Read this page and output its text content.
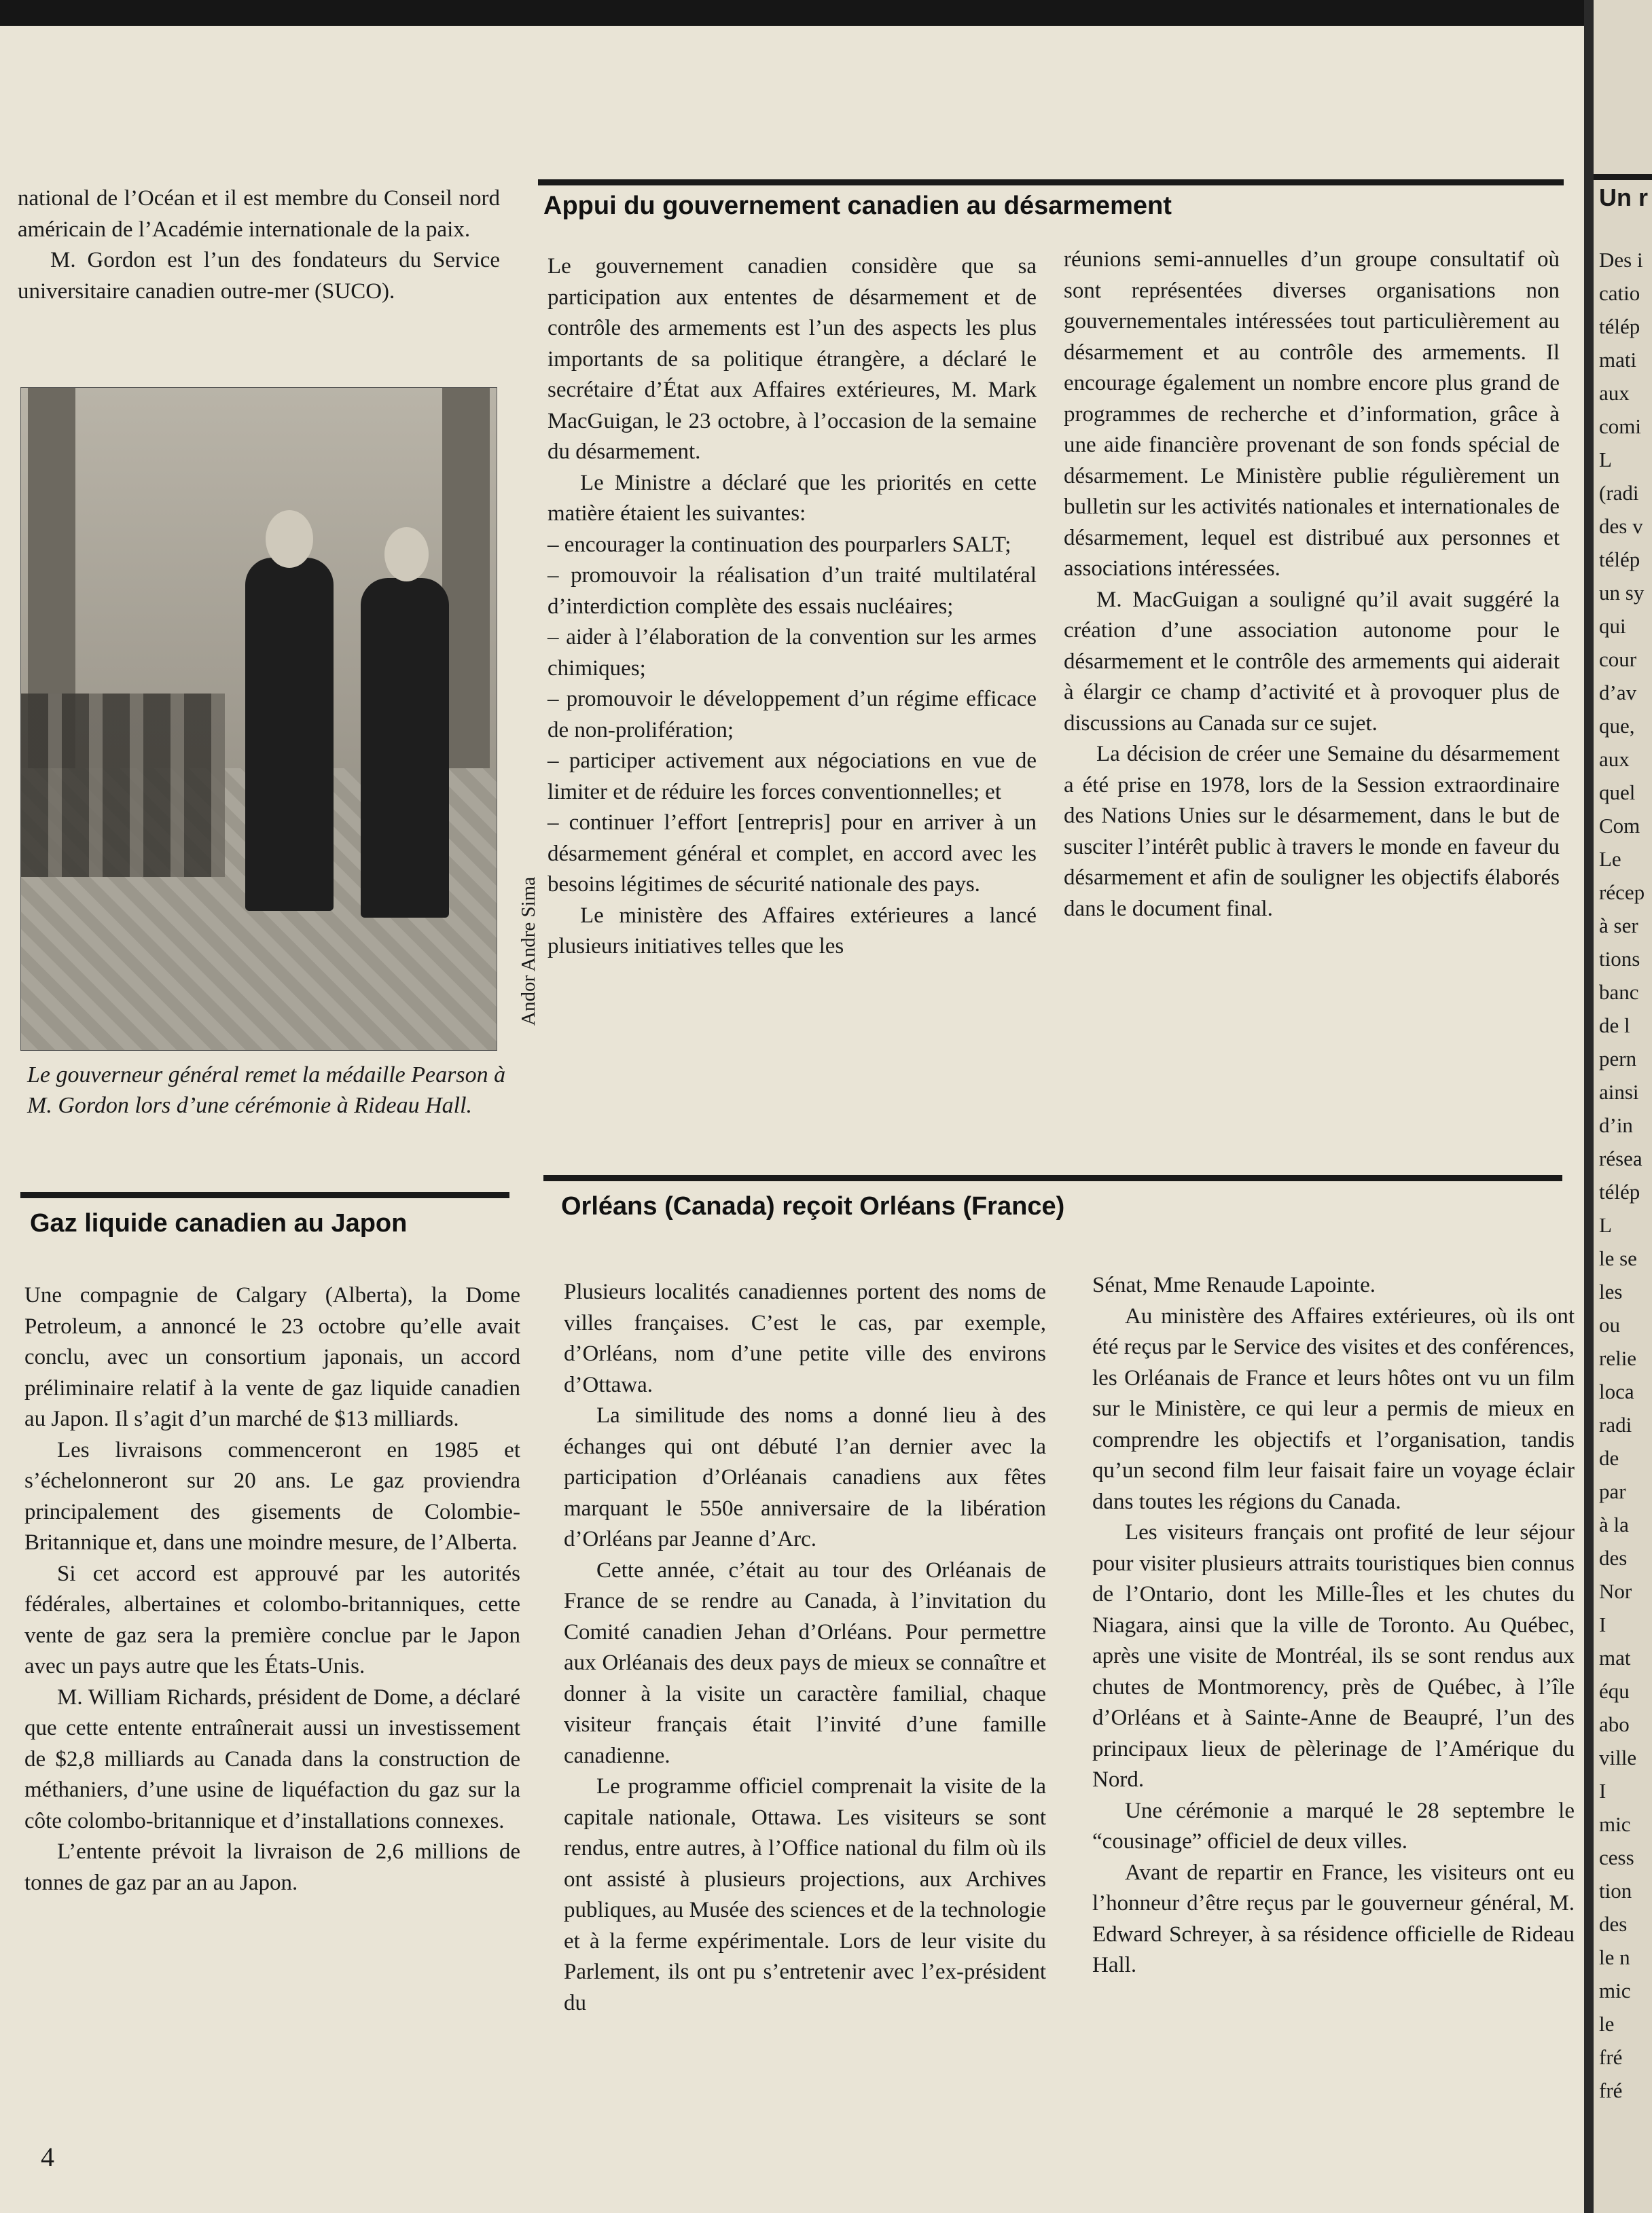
national de l’Océan et il est membre du Conseil nord américain de l’Académie internationale de la paix.

M. Gordon est l’un des fondateurs du Service universitaire canadien outre-mer (SUCO).

Andor Andre Sima
Le gouverneur général remet la médaille Pearson à M. Gordon lors d’une cérémonie à Rideau Hall.
Appui du gouvernement canadien au désarmement

Le gouvernement canadien considère que sa participation aux ententes de désarmement et de contrôle des armements est l’un des aspects les plus importants de sa politique étrangère, a déclaré le secrétaire d’État aux Affaires extérieures, M. Mark MacGuigan, le 23 octobre, à l’occasion de la semaine du désarmement.

Le Ministre a déclaré que les priorités en cette matière étaient les suivantes:

– encourager la continuation des pourparlers SALT;

– promouvoir la réalisation d’un traité multilatéral d’interdiction complète des essais nucléaires;

– aider à l’élaboration de la convention sur les armes chimiques;

– promouvoir le développement d’un régime efficace de non-prolifération;

– participer activement aux négociations en vue de limiter et de réduire les forces conventionnelles; et

– continuer l’effort [entrepris] pour en arriver à un désarmement général et complet, en accord avec les besoins légitimes de sécurité nationale des pays.

Le ministère des Affaires extérieures a lancé plusieurs initiatives telles que les

réunions semi-annuelles d’un groupe consultatif où sont représentées diverses organisations non gouvernementales intéressées tout particulièrement au désarmement et au contrôle des armements. Il encourage également un nombre encore plus grand de programmes de recherche et d’information, grâce à une aide financière provenant de son fonds spécial de désarmement. Le Ministère publie régulièrement un bulletin sur les activités nationales et internationales de désarmement, lequel est distribué aux personnes et associations intéressées.

M. MacGuigan a souligné qu’il avait suggéré la création d’une association autonome pour le désarmement et le contrôle des armements qui aiderait à élargir ce champ d’activité et à provoquer plus de discussions au Canada sur ce sujet.

La décision de créer une Semaine du désarmement a été prise en 1978, lors de la Session extraordinaire des Nations Unies sur le désarmement, dans le but de susciter l’intérêt public à travers le monde en faveur du désarmement et afin de souligner les objectifs élaborés dans le document final.

Gaz liquide canadien au Japon

Une compagnie de Calgary (Alberta), la Dome Petroleum, a annoncé le 23 octobre qu’elle avait conclu, avec un consortium japonais, un accord préliminaire relatif à la vente de gaz liquide canadien au Japon. Il s’agit d’un marché de $13 milliards.

Les livraisons commenceront en 1985 et s’échelonneront sur 20 ans. Le gaz proviendra principalement des gisements de Colombie-Britannique et, dans une moindre mesure, de l’Alberta.

Si cet accord est approuvé par les autorités fédérales, albertaines et colombo-britanniques, cette vente de gaz sera la première conclue par le Japon avec un pays autre que les États-Unis.

M. William Richards, président de Dome, a déclaré que cette entente entraînerait aussi un investissement de $2,8 milliards au Canada dans la construction de méthaniers, d’une usine de liquéfaction du gaz sur la côte colombo-britannique et d’installations connexes.

L’entente prévoit la livraison de 2,6 millions de tonnes de gaz par an au Japon.

Orléans (Canada) reçoit Orléans (France)

Plusieurs localités canadiennes portent des noms de villes françaises. C’est le cas, par exemple, d’Orléans, nom d’une petite ville des environs d’Ottawa.

La similitude des noms a donné lieu à des échanges qui ont débuté l’an dernier avec la participation d’Orléanais canadiens aux fêtes marquant le 550e anniversaire de la libération d’Orléans par Jeanne d’Arc.

Cette année, c’était au tour des Orléanais de France de se rendre au Canada, à l’invitation du Comité canadien Jehan d’Orléans. Pour permettre aux Orléanais des deux pays de mieux se connaître et donner à la visite un caractère familial, chaque visiteur français était l’invité d’une famille canadienne.

Le programme officiel comprenait la visite de la capitale nationale, Ottawa. Les visiteurs se sont rendus, entre autres, à l’Office national du film où ils ont assisté à plusieurs projections, aux Archives publiques, au Musée des sciences et de la technologie et à la ferme expérimentale. Lors de leur visite du Parlement, ils ont pu s’entretenir avec l’ex-président du

Sénat, Mme Renaude Lapointe.

Au ministère des Affaires extérieures, où ils ont été reçus par le Service des visites et des conférences, les Orléanais de France et leurs hôtes ont vu un film sur le Ministère, ce qui leur a permis de mieux en comprendre les objectifs et l’organisation, tandis qu’un second film leur faisait faire un voyage éclair dans toutes les régions du Canada.

Les visiteurs français ont profité de leur séjour pour visiter plusieurs attraits touristiques bien connus de l’Ontario, dont les Mille-Îles et les chutes du Niagara, ainsi que la ville de Toronto. Au Québec, après une visite de Montréal, ils se sont rendus aux chutes de Montmorency, près de Québec, à l’île d’Orléans et à Sainte-Anne de Beaupré, l’un des principaux lieux de pèlerinage de l’Amérique du Nord.

Une cérémonie a marqué le 28 septembre le “cousinage” officiel de deux villes.

Avant de repartir en France, les visiteurs ont eu l’honneur d’être reçus par le gouverneur général, M. Edward Schreyer, à sa résidence officielle de Rideau Hall.

4
Un r
Des i
catio
télép
mati
aux
comi
L
(radi
des v
télép
un sy
qui
cour
d’av
que,
aux
quel
Com
Le
récep
à ser
tions
banc
de l
pern
ainsi
d’in
résea
télép
L
le se
les
ou
relie
loca
radi
de
par
à la
des
Nor
I
mat
équ
abo
ville
I
mic
cess
tion
des
le n
mic
le
fré
fré
